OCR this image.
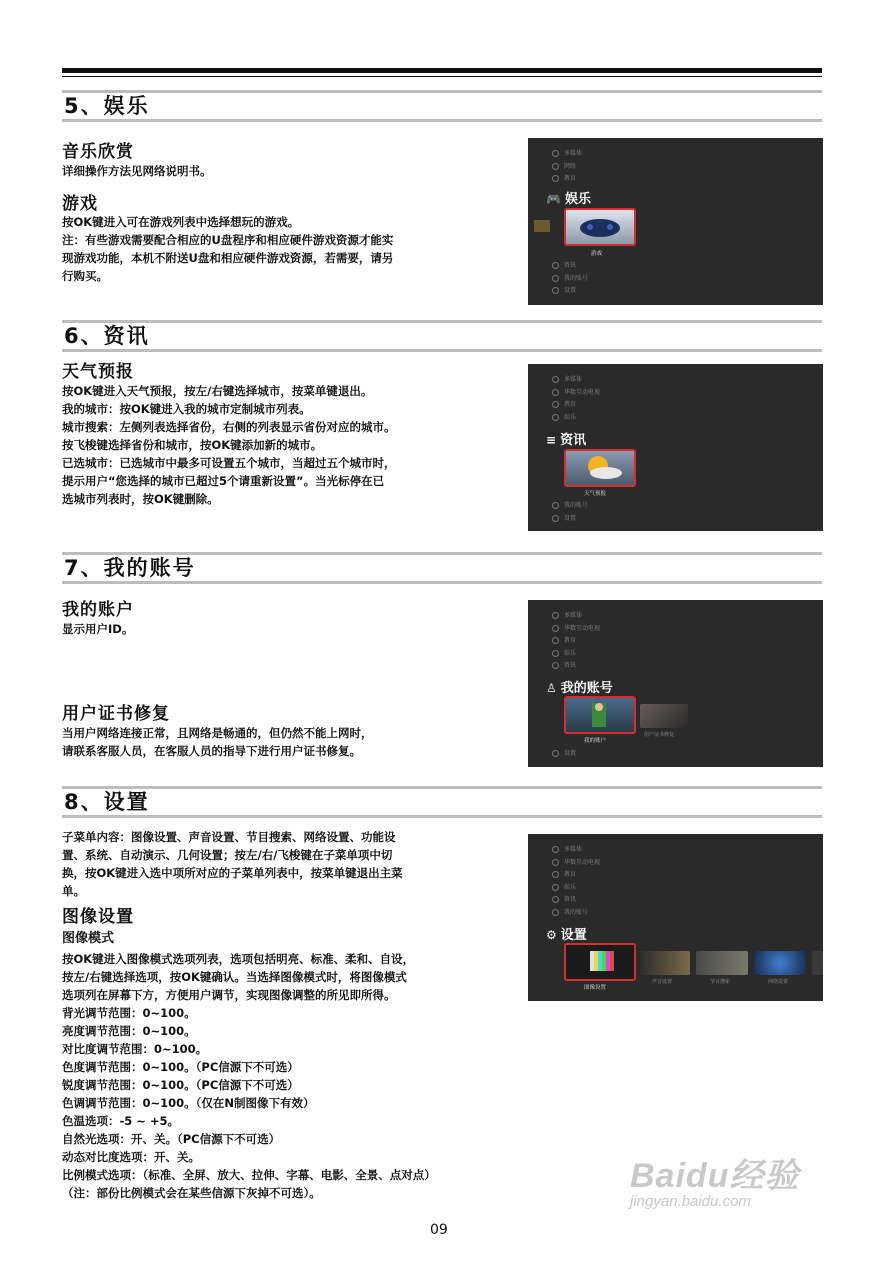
5、娱乐
音乐欣赏
详细操作方法见网络说明书。
游戏
按OK键进入可在游戏列表中选择想玩的游戏。
注：有些游戏需要配合相应的U盘程序和相应硬件游戏资源才能实
现游戏功能，本机不附送U盘和相应硬件游戏资源，若需要，请另
行购买。
多媒体
网络
教育
🎮 娱乐
游戏
资讯
我的账号
设置
6、资讯
天气预报
按OK键进入天气预报，按左/右键选择城市，按菜单键退出。
我的城市：按OK键进入我的城市定制城市列表。
城市搜索：左侧列表选择省份，右侧的列表显示省份对应的城市。
按飞梭键选择省份和城市，按OK键添加新的城市。
已选城市：已选城市中最多可设置五个城市，当超过五个城市时，
提示用户“您选择的城市已超过5个请重新设置”。当光标停在已
选城市列表时，按OK键删除。
多媒体
华数互动电视
教育
娱乐
≡ 资讯
天气预报
我的账号
设置
7、我的账号
我的账户
显示用户ID。
用户证书修复
当用户网络连接正常，且网络是畅通的，但仍然不能上网时，
请联系客服人员，在客服人员的指导下进行用户证书修复。
多媒体
华数互动电视
教育
娱乐
资讯
♙ 我的账号
我的账户
用户证书修复
设置
8、设置
子菜单内容：图像设置、声音设置、节目搜索、网络设置、功能设
置、系统、自动演示、几何设置；按左/右/飞梭键在子菜单项中切
换，按OK键进入选中项所对应的子菜单列表中，按菜单键退出主菜
单。
图像设置
图像模式
按OK键进入图像模式选项列表，选项包括明亮、标准、柔和、自设，
按左/右键选择选项，按OK键确认。当选择图像模式时，将图像模式
选项列在屏幕下方，方便用户调节，实现图像调整的所见即所得。
背光调节范围：0~100。
亮度调节范围：0~100。
对比度调节范围：0~100。
色度调节范围：0~100。（PC信源下不可选）
锐度调节范围：0~100。（PC信源下不可选）
色调调节范围：0~100。（仅在N制图像下有效）
色温选项：-5 ~ +5。
自然光选项：开、关。（PC信源下不可选）
动态对比度选项：开、关。
比例模式选项：（标准、全屏、放大、拉伸、字幕、电影、全景、点对点）
（注：部份比例模式会在某些信源下灰掉不可选）。
多媒体
华数互动电视
教育
娱乐
资讯
我的账号
⚙ 设置
图像设置
声音设置	节目搜索	网络设置
Baidu经验
jingyan.baidu.com
09
